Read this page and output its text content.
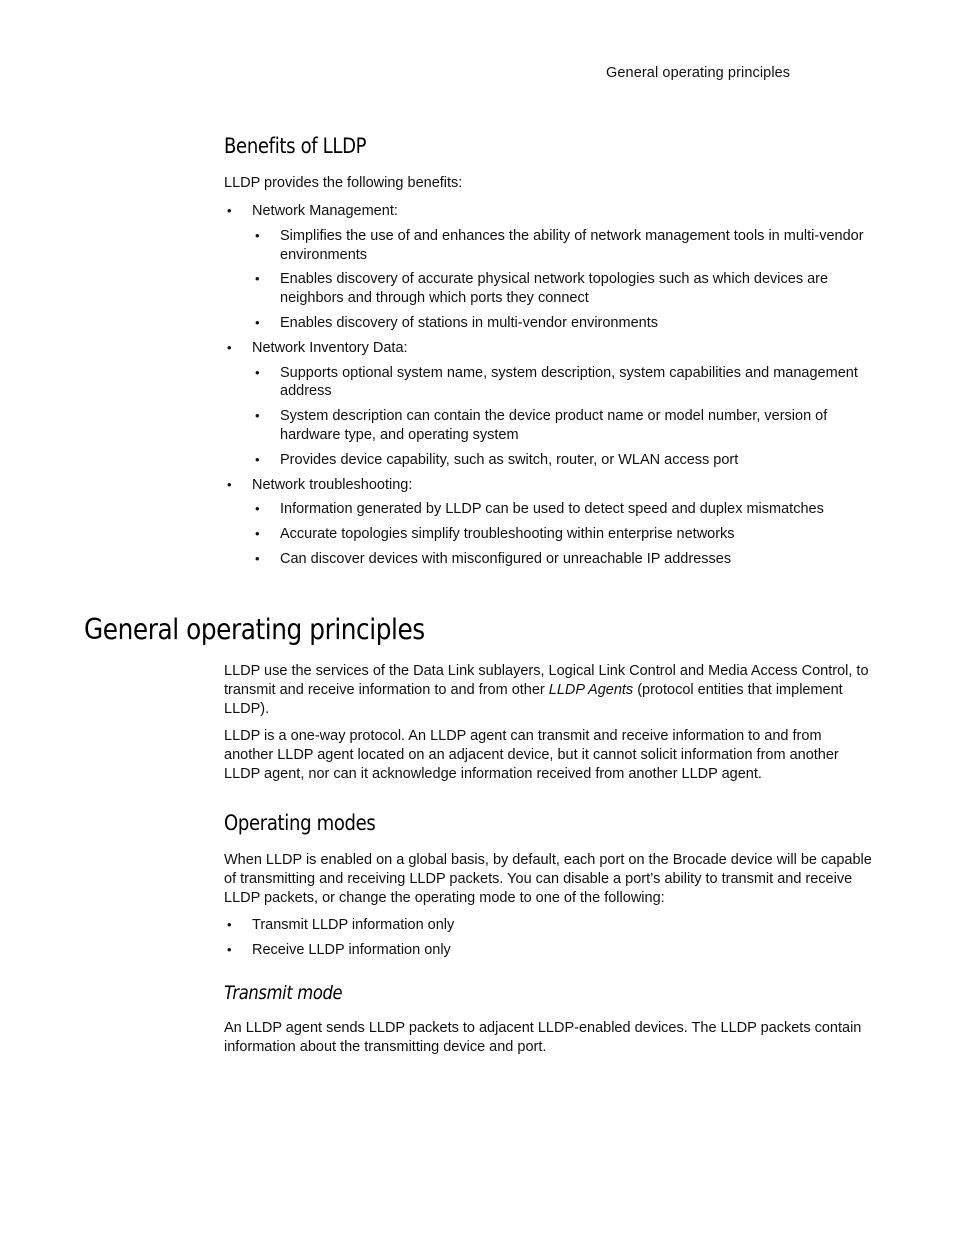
General operating principles
Benefits of LLDP

LLDP provides the following benefits:

• Network Management:
• Simplifies the use of and enhances the ability of network management tools in multi-vendor environments
• Enables discovery of accurate physical network topologies such as which devices are neighbors and through which ports they connect
• Enables discovery of stations in multi-vendor environments
• Network Inventory Data:
• Supports optional system name, system description, system capabilities and management address
• System description can contain the device product name or model number, version of hardware type, and operating system
• Provides device capability, such as switch, router, or WLAN access port
• Network troubleshooting:
• Information generated by LLDP can be used to detect speed and duplex mismatches
• Accurate topologies simplify troubleshooting within enterprise networks
• Can discover devices with misconfigured or unreachable IP addresses
General operating principles

LLDP use the services of the Data Link sublayers, Logical Link Control and Media Access Control, to transmit and receive information to and from other LLDP Agents (protocol entities that implement LLDP).

LLDP is a one-way protocol. An LLDP agent can transmit and receive information to and from another LLDP agent located on an adjacent device, but it cannot solicit information from another LLDP agent, nor can it acknowledge information received from another LLDP agent.

Operating modes

When LLDP is enabled on a global basis, by default, each port on the Brocade device will be capable of transmitting and receiving LLDP packets. You can disable a port’s ability to transmit and receive LLDP packets, or change the operating mode to one of the following:

• Transmit LLDP information only
• Receive LLDP information only
Transmit mode

An LLDP agent sends LLDP packets to adjacent LLDP-enabled devices. The LLDP packets contain information about the transmitting device and port.
